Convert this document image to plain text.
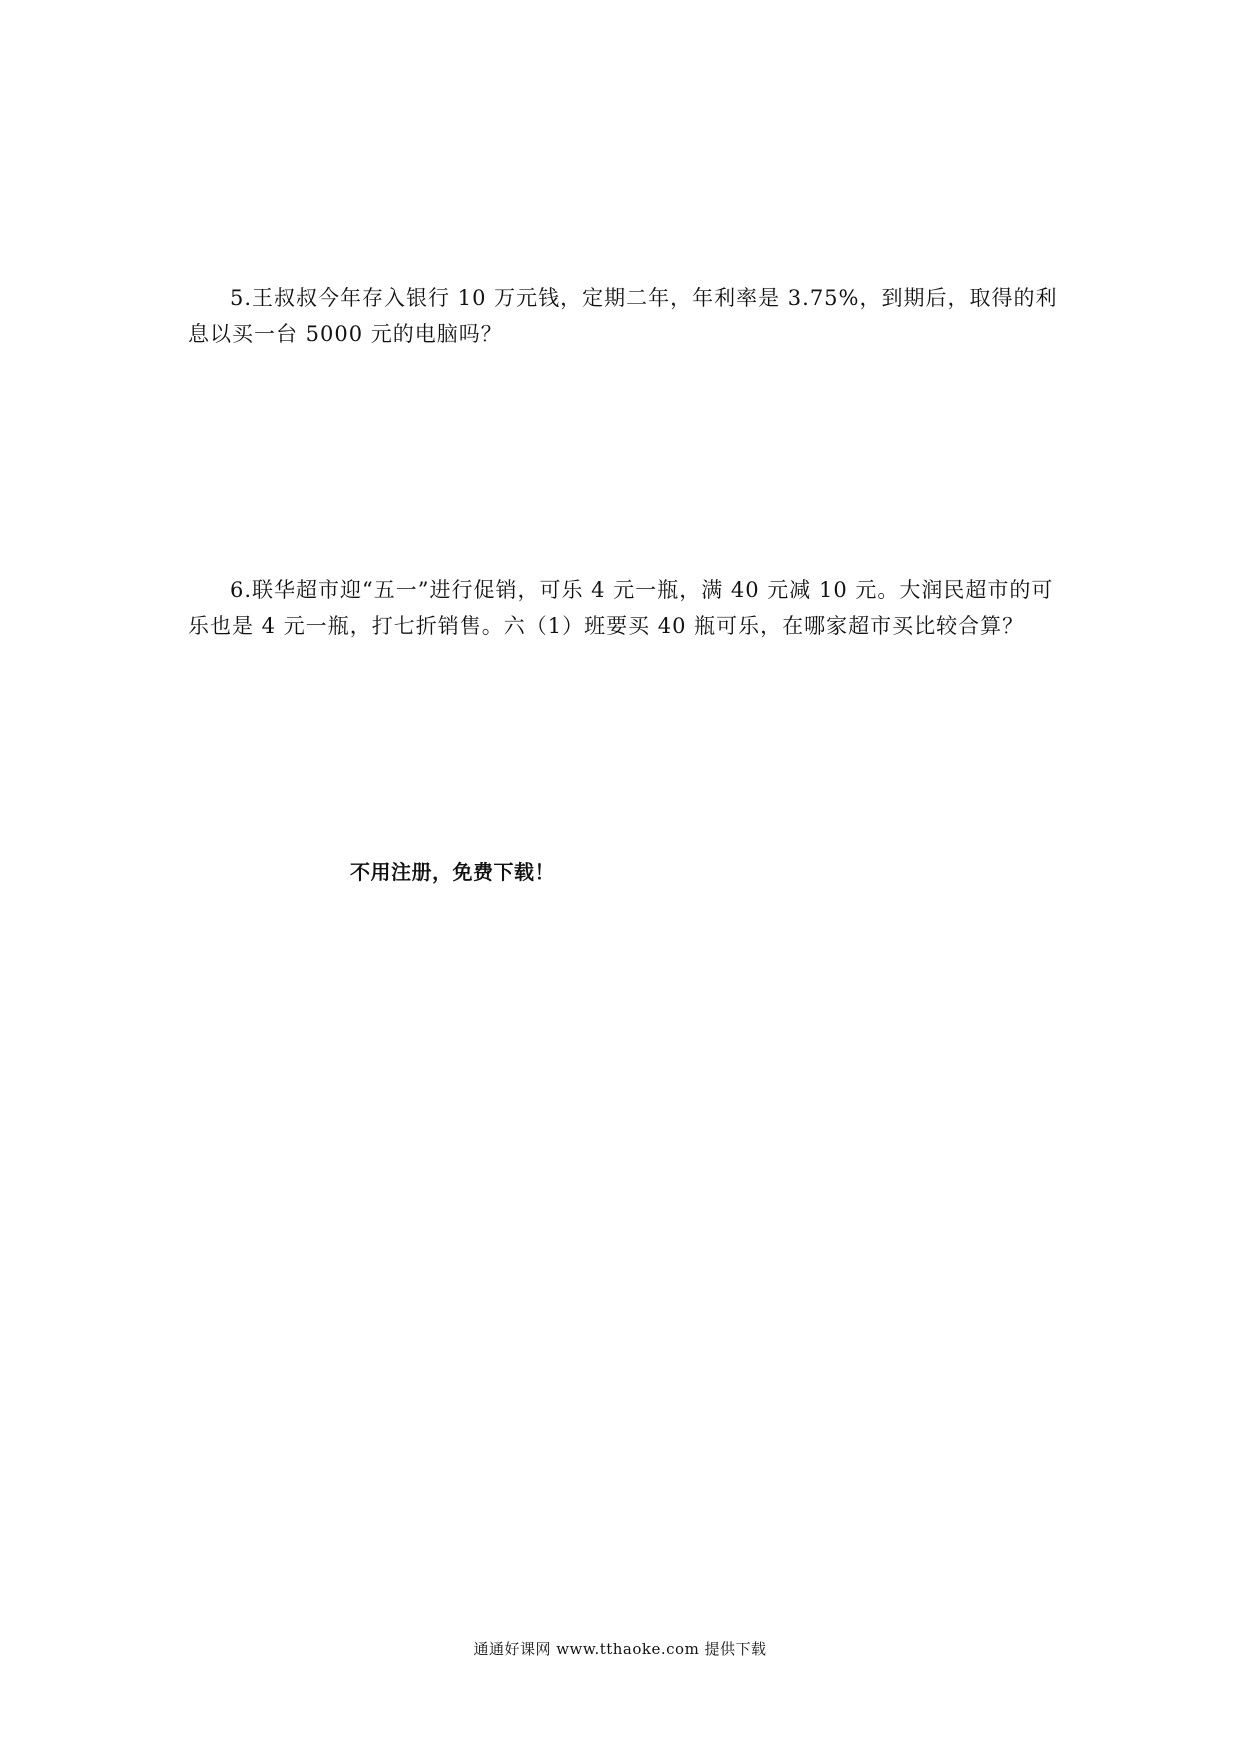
5.王叔叔今年存入银行 10 万元钱，定期二年，年利率是 3.75%，到期后，取得的利息以买一台 5000 元的电脑吗？

6.联华超市迎“五一”进行促销，可乐 4 元一瓶，满 40 元减 10 元。大润民超市的可乐也是 4 元一瓶，打七折销售。六（1）班要买 40 瓶可乐，在哪家超市买比较合算？

不用注册，免费下载！
通通好课网 www.tthaoke.com 提供下载
